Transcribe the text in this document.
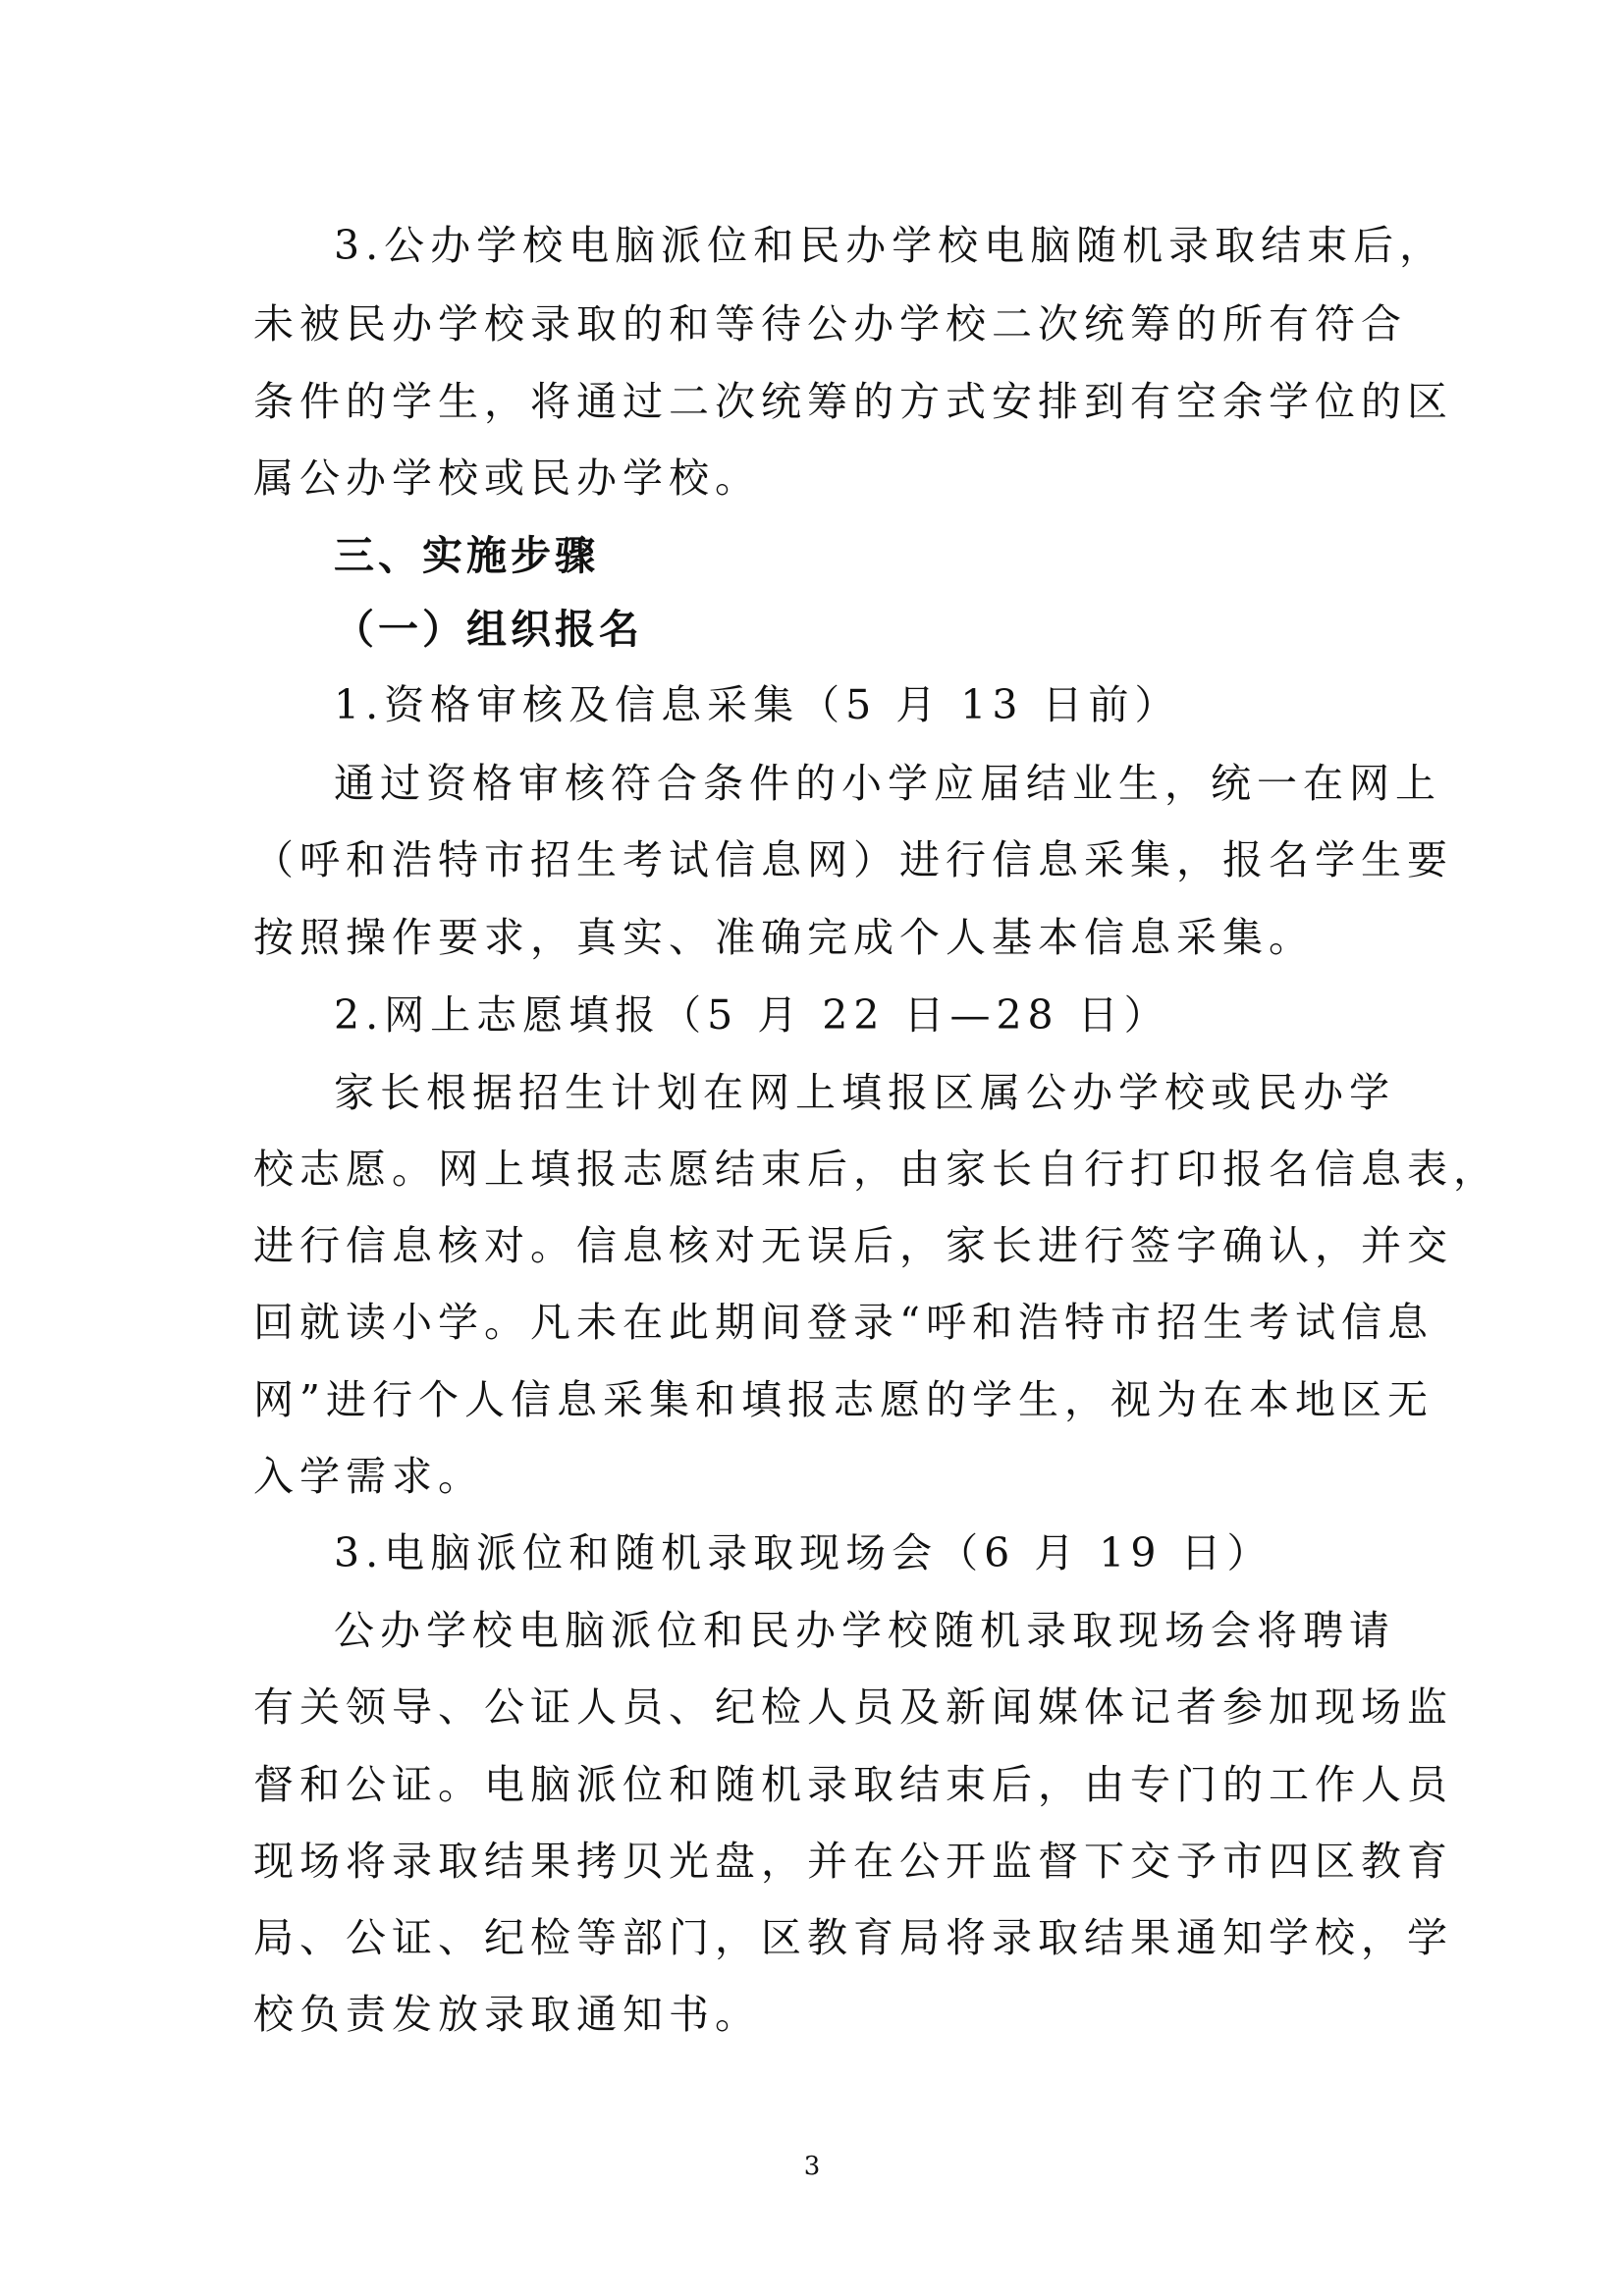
3.公办学校电脑派位和民办学校电脑随机录取结束后，
未被民办学校录取的和等待公办学校二次统筹的所有符合
条件的学生，将通过二次统筹的方式安排到有空余学位的区
属公办学校或民办学校。
三、实施步骤
（一）组织报名
1.资格审核及信息采集（5 月 13 日前）
通过资格审核符合条件的小学应届结业生，统一在网上
（呼和浩特市招生考试信息网）进行信息采集，报名学生要
按照操作要求，真实、准确完成个人基本信息采集。
2.网上志愿填报（5 月 22 日—28 日）
家长根据招生计划在网上填报区属公办学校或民办学
校志愿。网上填报志愿结束后，由家长自行打印报名信息表，
进行信息核对。信息核对无误后，家长进行签字确认，并交
回就读小学。凡未在此期间登录“呼和浩特市招生考试信息
网”进行个人信息采集和填报志愿的学生，视为在本地区无
入学需求。
3.电脑派位和随机录取现场会（6 月 19 日）
公办学校电脑派位和民办学校随机录取现场会将聘请
有关领导、公证人员、纪检人员及新闻媒体记者参加现场监
督和公证。电脑派位和随机录取结束后，由专门的工作人员
现场将录取结果拷贝光盘，并在公开监督下交予市四区教育
局、公证、纪检等部门，区教育局将录取结果通知学校，学
校负责发放录取通知书。
3
